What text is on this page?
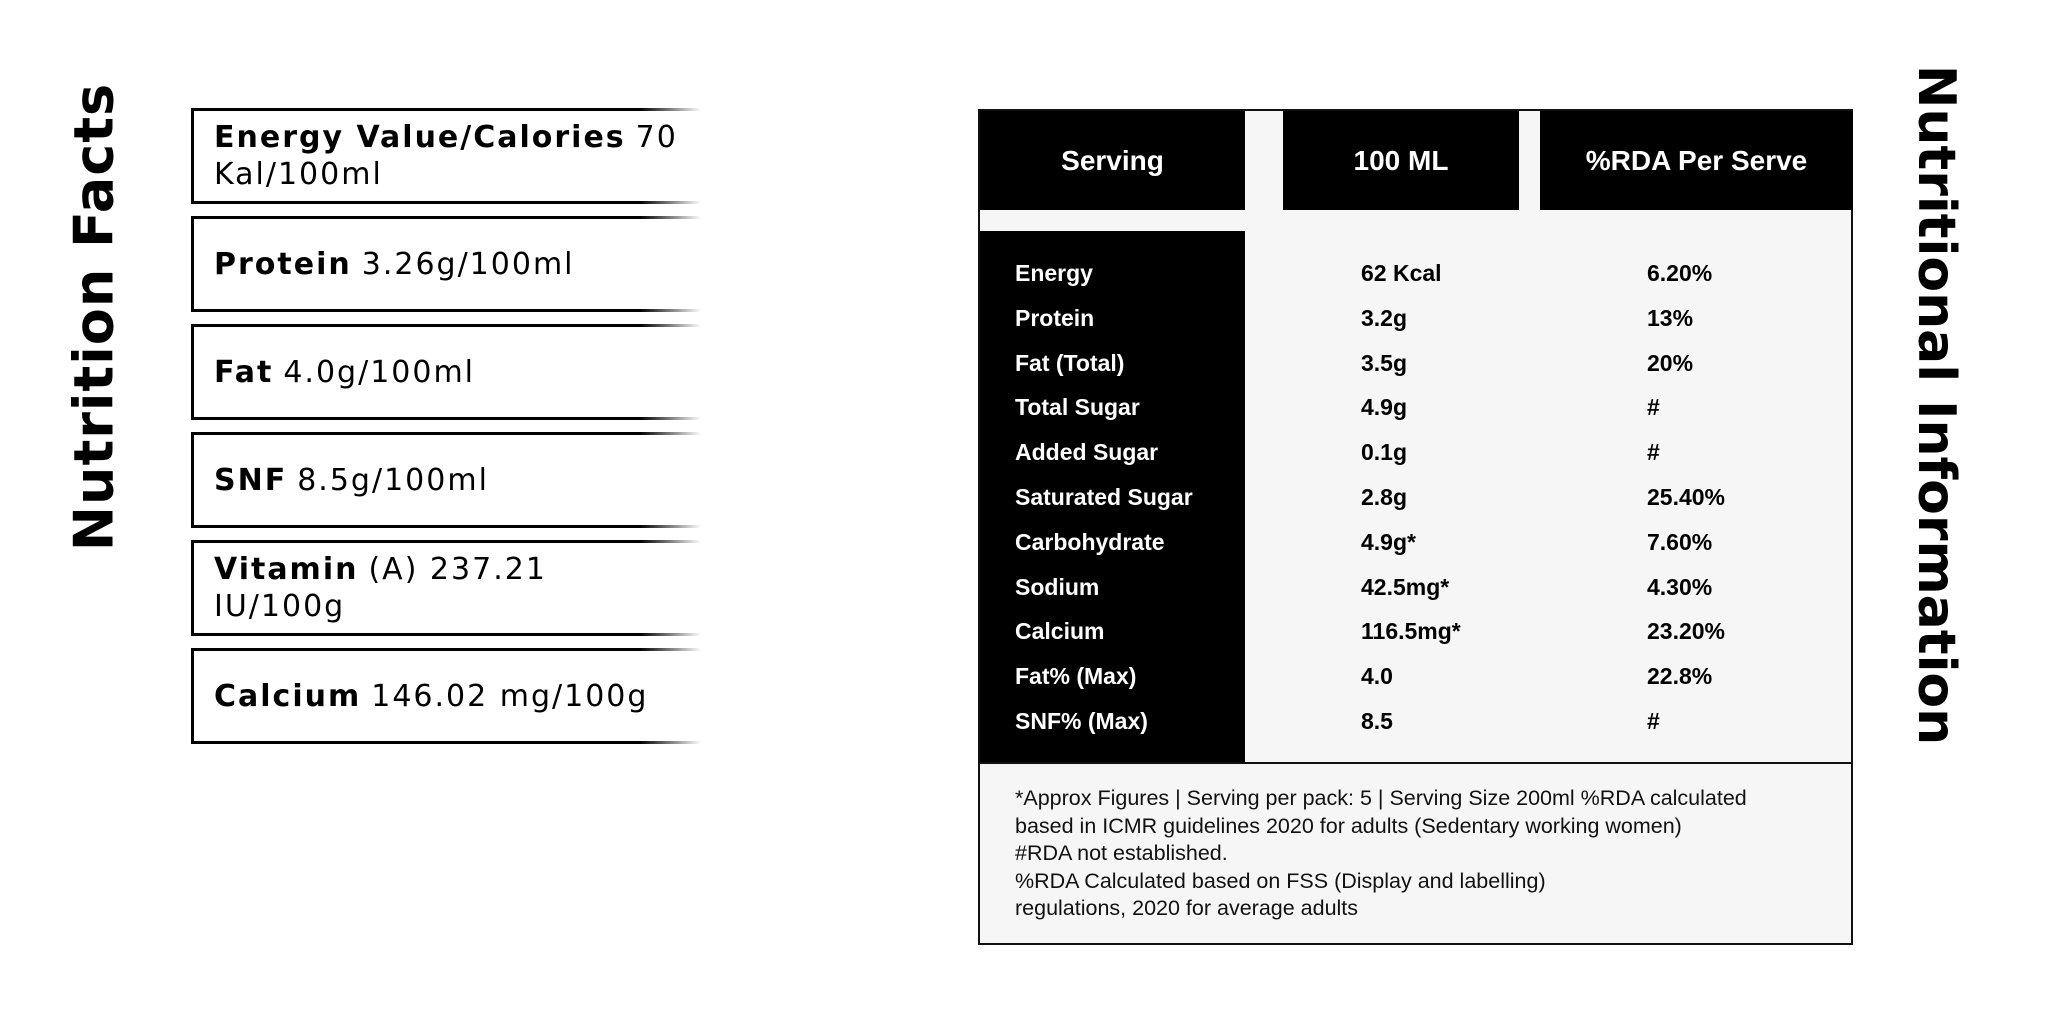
Nutrition Facts	Energy Value/Calories 70 Kal/100ml
Protein 3.26g/100ml
Fat 4.0g/100ml
SNF 8.5g/100ml
Vitamin (A) 237.21 IU/100g
Calcium 146.02 mg/100g
Serving	100 ML	%RDA Per Serve
Energy	62 Kcal	6.20%
Protein	3.2g	13%
Fat (Total)	3.5g	20%
Total Sugar	4.9g	#
Added Sugar	0.1g	#
Saturated Sugar	2.8g	25.40%
Carbohydrate	4.9g*	7.60%
Sodium	42.5mg*	4.30%
Calcium	116.5mg*	23.20%
Fat% (Max)	4.0	22.8%
SNF% (Max)	8.5	#
*Approx Figures | Serving per pack: 5 | Serving Size 200ml %RDA calculated
based in ICMR guidelines 2020 for adults (Sedentary working women)
#RDA not established.
%RDA Calculated based on FSS (Display and labelling)
regulations, 2020 for average adults
Nutritional Information
